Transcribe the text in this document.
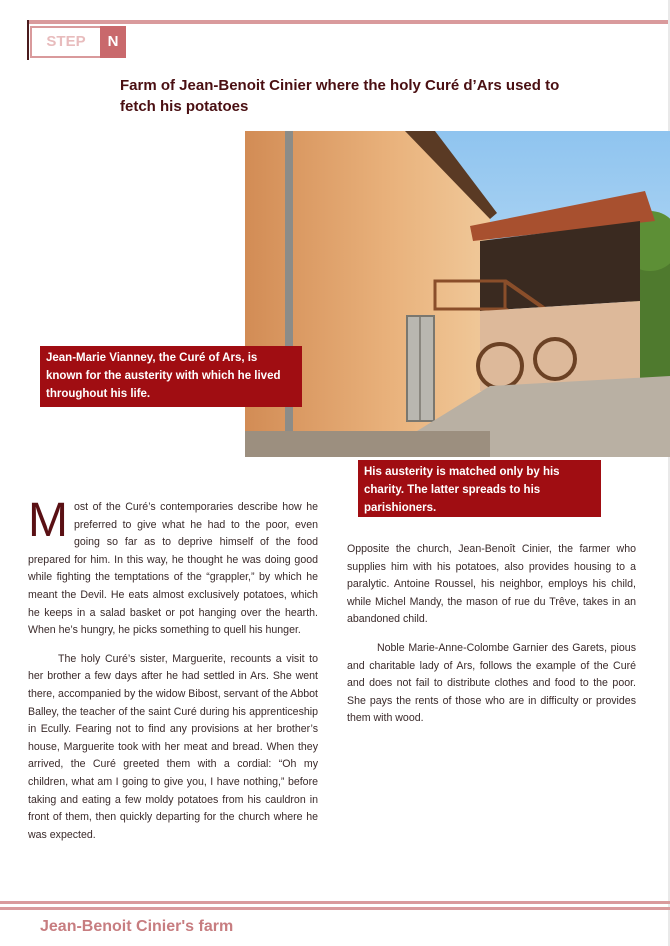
STEP	N
Farm of Jean-Benoit Cinier where the holy Curé d’Ars used to fetch his potatoes
Jean-Marie Vianney, the Curé of Ars, is known for the austerity with which he lived throughout his life.
His austerity is matched only by his charity. The latter spreads to his parishioners.

Most of the Curé’s contemporaries describe how he preferred to give what he had to the poor, even going so far as to deprive himself of the food prepared for him. In this way, he thought he was doing good while fighting the temptations of the “grappler,” by which he meant the Devil. He eats almost exclusively potatoes, which he keeps in a salad basket or pot hanging over the hearth. When he’s hungry, he picks something to quell his hunger.

The holy Curé’s sister, Marguerite, recounts a visit to her brother a few days after he had settled in Ars. She went there, accompanied by the widow Bibost, servant of the Abbot Balley, the teacher of the saint Curé during his apprenticeship in Ecully. Fearing not to find any provisions at her brother’s house, Marguerite took with her meat and bread. When they arrived, the Curé greeted them with a cordial: “Oh my children, what am I going to give you, I have nothing,” before taking and eating a few moldy potatoes from his cauldron in front of them, then quickly departing for the church where he was expected.

Opposite the church, Jean-Benoît Cinier, the farmer who supplies him with his potatoes, also provides housing to a paralytic. Antoine Roussel, his neighbor, employs his child, while Michel Mandy, the mason of rue du Trêve, takes in an abandoned child.

Noble Marie-Anne-Colombe Garnier des Garets, pious and charitable lady of Ars, follows the example of the Curé and does not fail to distribute clothes and food to the poor. She pays the rents of those who are in difficulty or provides them with wood.

Jean-Benoit Cinier's farm
